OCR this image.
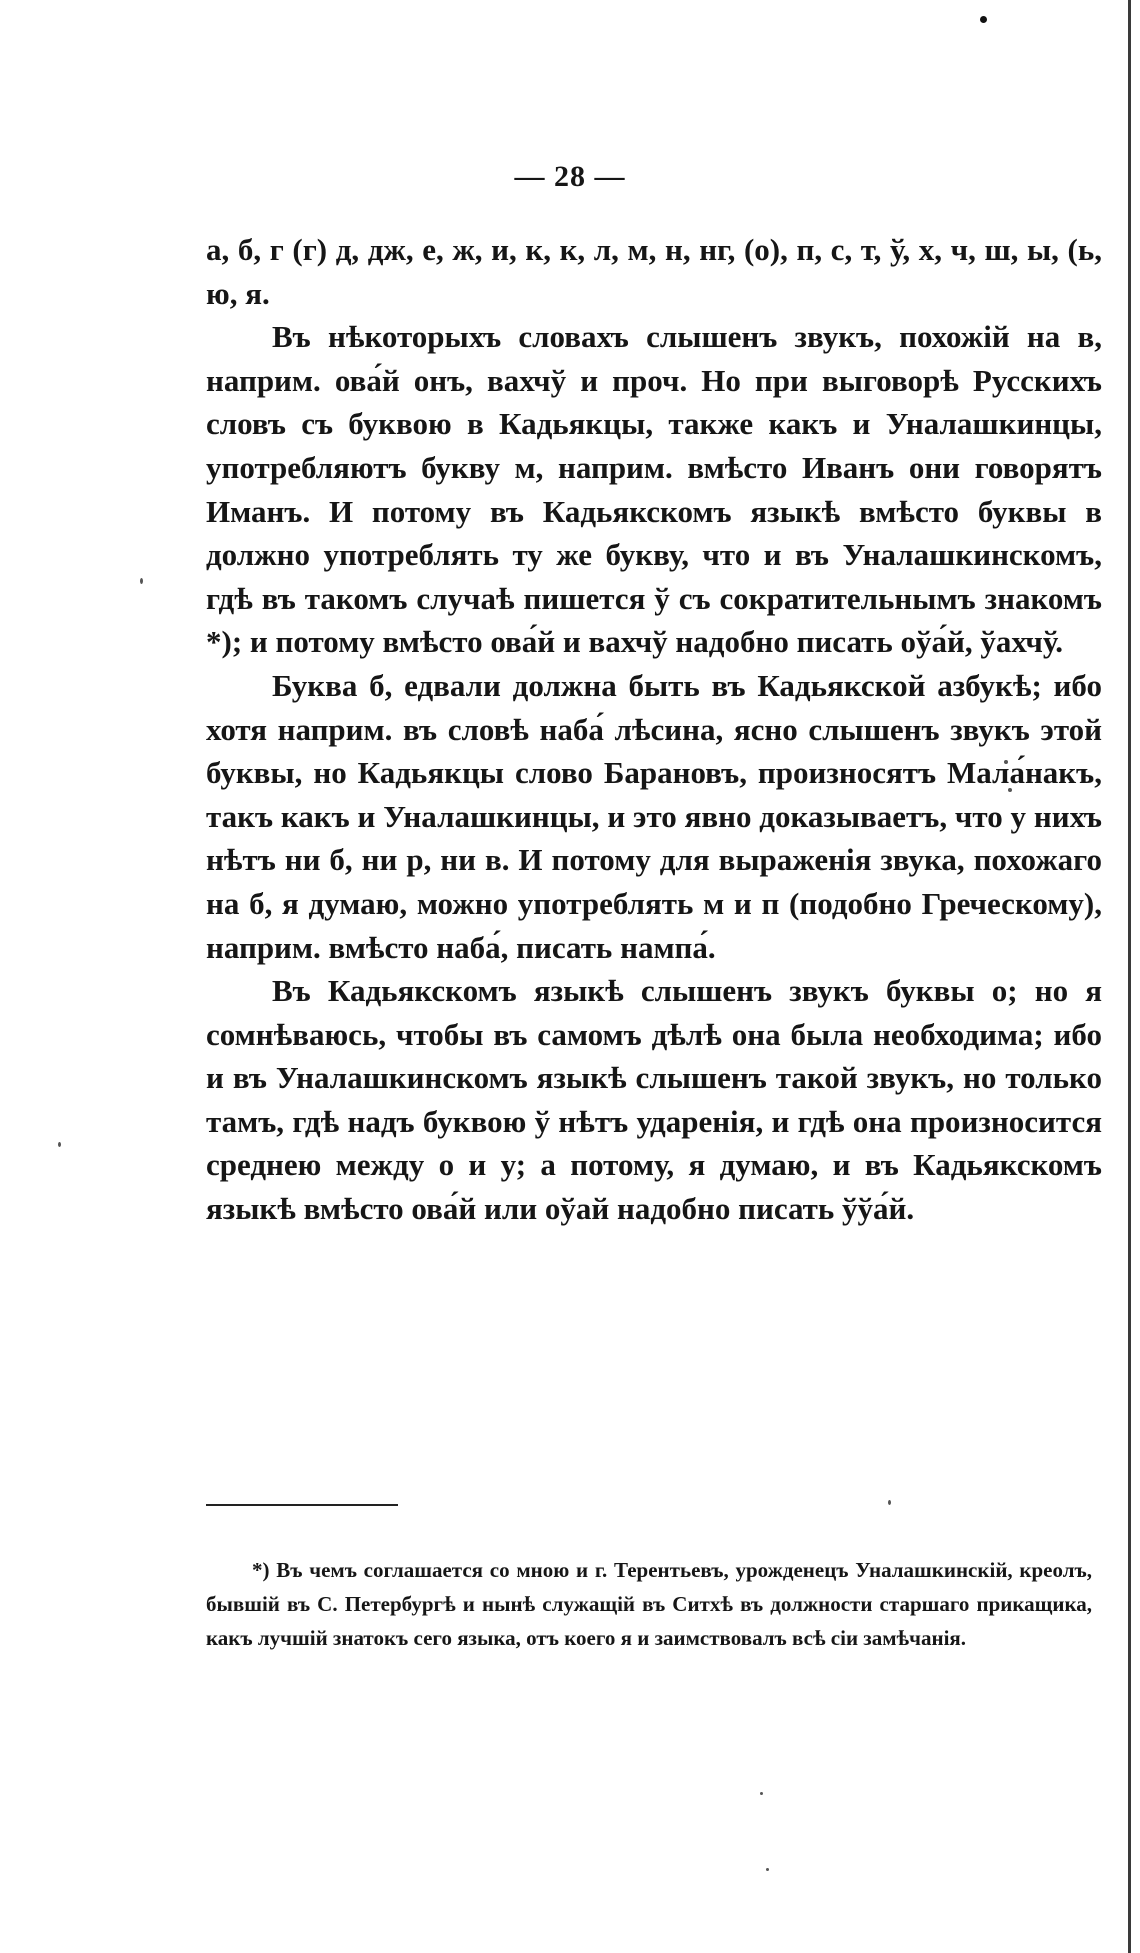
— 28 —

а, б, г (г) д, дж, е, ж, и, к, к, л, м, н, нг, (о), п, с, т, ў, х, ч, ш, ы, (ь, ю, я.

Въ нѣкоторыхъ словахъ слышенъ звукъ, похожій на в, наприм. ова́й онъ, вахчў и проч. Но при выговорѣ Русскихъ словъ съ буквою в Кадьякцы, также какъ и Уналашкинцы, употребляютъ букву м, наприм. вмѣсто Иванъ они говорятъ Иманъ. И потому въ Кадьякскомъ языкѣ вмѣсто буквы в должно употреблять ту же букву, что и въ Уналашкинскомъ, гдѣ въ такомъ случаѣ пишется ў съ сократительнымъ знакомъ *); и потому вмѣсто ова́й и вахчў надобно писать оўа́й, ўахчў.

Буква б, едвали должна быть въ Кадьякской азбукѣ; ибо хотя наприм. въ словѣ наба́ лѣсина, ясно слышенъ звукъ этой буквы, но Кадьякцы слово Барановъ, произносятъ Мала́накъ, такъ какъ и Уналашкинцы, и это явно доказываетъ, что у нихъ нѣтъ ни б, ни р, ни в. И потому для выраженія звука, похожаго на б, я думаю, можно употреблять м и п (подобно Греческому), наприм. вмѣсто наба́, писать нампа́.

Въ Кадьякскомъ языкѣ слышенъ звукъ буквы о; но я сомнѣваюсь, чтобы въ самомъ дѣлѣ она была необходима; ибо и въ Уналашкинскомъ языкѣ слышенъ такой звукъ, но только тамъ, гдѣ надъ буквою ў нѣтъ ударенія, и гдѣ она произносится среднею между о и у; а потому, я думаю, и въ Кадьякскомъ языкѣ вмѣсто ова́й или оўай надобно писать ўўа́й.

*) Въ чемъ соглашается со мною и г. Терентьевъ, урожденецъ Уналашкинскій, креолъ, бывшій въ С. Петербургѣ и нынѣ служащій въ Ситхѣ въ должности старшаго прикащика, какъ лучшій знатокъ сего языка, отъ коего я и заимствовалъ всѣ сіи замѣчанія.
